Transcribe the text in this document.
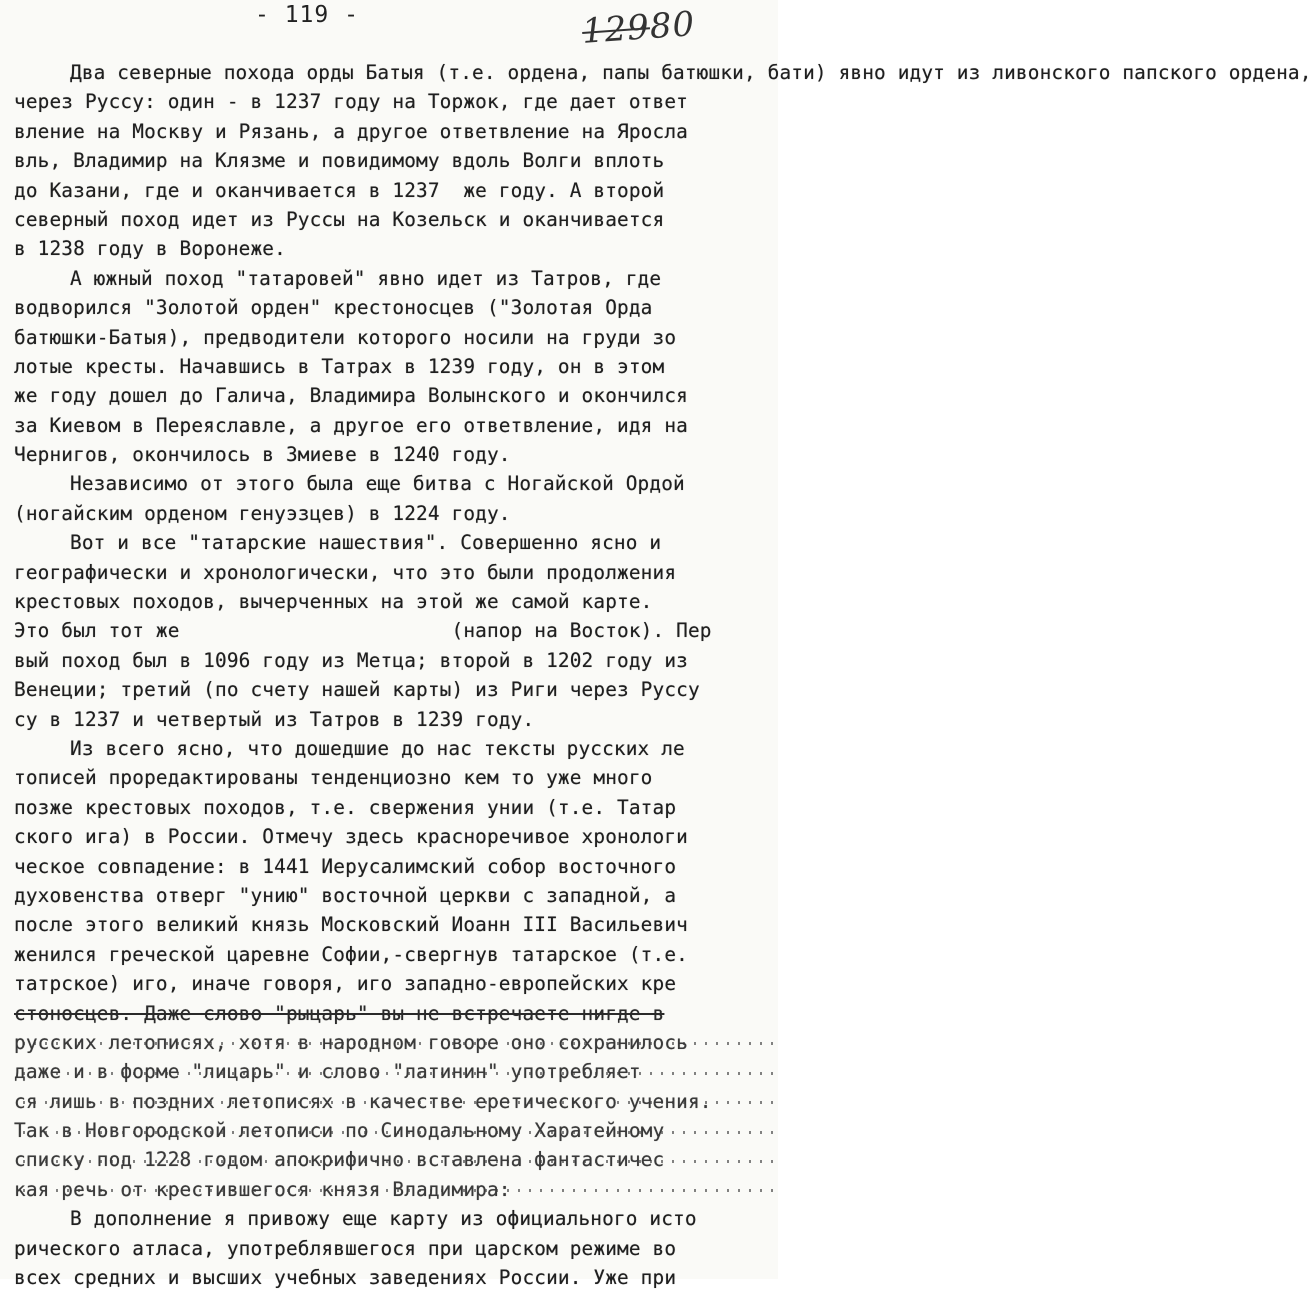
- 119 -	12980
Два северные похода орды Батыя (т.е. ордена, папы батюшки, бати) явно идут из ливонского папского ордена,
через Руссу: один - в 1237 году на Торжок, где дает ответ
вление на Москву и Рязань, а другое ответвление на Яросла
вль, Владимир на Клязме и повидимому вдоль Волги вплоть
до Казани, где и оканчивается в 1237  же году. А второй
северный поход идет из Руссы на Козельск и оканчивается
в 1238 году в Воронеже.
А южный поход "татаровей" явно идет из Татров, где
водворился "Золотой орден" крестоносцев ("Золотая Орда
батюшки-Батыя), предводители которого носили на груди зо
лотые кресты. Начавшись в Татрах в 1239 году, он в этом
же году дошел до Галича, Владимира Волынского и окончился
за Киевом в Переяславле, а другое его ответвление, идя на
Чернигов, окончилось в Змиеве в 1240 году.
Независимо от этого была еще битва с Ногайской Ордой
(ногайским орденом генуэзцев) в 1224 году.
Вот и все "татарские нашествия". Совершенно ясно и
географически и хронологически, что это были продолжения
крестовых походов, вычерченных на этой же самой карте.
Это был тот же                       (напор на Восток). Пер
вый поход был в 1096 году из Метца; второй в 1202 году из
Венеции; третий (по счету нашей карты) из Риги через Руссу
су в 1237 и четвертый из Татров в 1239 году.
Из всего ясно, что дошедшие до нас тексты русских ле
тописей проредактированы тенденциозно кем то уже много
позже крестовых походов, т.е. свержения унии (т.е. Татар
ского ига) в России. Отмечу здесь красноречивое хронологи
ческое совпадение: в 1441 Иерусалимский собор восточного
духовенства отверг "унию" восточной церкви с западной, а
после этого великий князь Московский Иоанн III Васильевич
женился греческой царевне Софии,-свергнув татарское (т.е.
татрское) иго, иначе говоря, иго западно-европейских кре
стоносцев. Даже слово "рыцарь" вы не встречаете нигде в
русских летописях, хотя в народном говоре оно сохранилось
даже и в форме "лицарь" и слово "латинин" употребляет
ся лишь в поздних летописях в качестве еретического учения.
Так в Новгородской летописи по Синодальному Харатейному
списку под 1228 годом апокрифично вставлена фантастичес
кая речь от крестившегося князя Владимира:
В дополнение я привожу еще карту из официального исто
рического атласа, употреблявшегося при царском режиме во
всех средних и высших учебных заведениях России. Уже при
